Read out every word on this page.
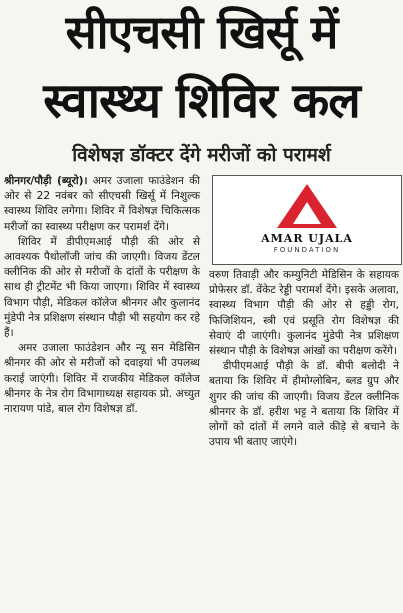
सीएचसी खिर्सू में
स्वास्थ्य शिविर कल
विशेषज्ञ डॉक्टर देंगे मरीजों को परामर्श

श्रीनगर/पौड़ी (ब्यूरो)। अमर उजाला फाउंडेशन की ओर से 22 नवंबर को सीएचसी खिर्सू में निशुल्क स्वास्थ्य शिविर लगेगा। शिविर में विशेषज्ञ चिकित्सक मरीजों का स्वास्थ्य परीक्षण कर परामर्श देंगे।

शिविर में डीपीएमआई पौड़ी की ओर से आवश्यक पैथोलॉजी जांच की जाएगी। विजय डेंटल क्लीनिक की ओर से मरीजों के दांतों के परीक्षण के साथ ही ट्रीटमेंट भी किया जाएगा। शिविर में स्वास्थ्य विभाग पौड़ी, मेडिकल कॉलेज श्रीनगर और कुलानंद मुंडेपी नेत्र प्रशिक्षण संस्थान पौड़ी भी सहयोग कर रहे हैं।

अमर उजाला फाउंडेशन और न्यू सन मेडिसिन श्रीनगर की ओर से मरीजों को दवाइयां भी उपलब्ध कराई जाएंगी। शिविर में राजकीय मेडिकल कॉलेज श्रीनगर के नेत्र रोग विभागाध्यक्ष सहायक प्रो. अच्युत नारायण पांडे, बाल रोग विशेषज्ञ डॉ.

AMAR UJALA
FOUNDATION

वरुण तिवाड़ी और कम्युनिटी मेडिसिन के सहायक प्रोफेसर डॉ. वेंकेट रेड्डी परामर्श देंगे। इसके अलावा, स्वास्थ्य विभाग पौड़ी की ओर से हड्डी रोग, फिजिशियन, स्त्री एवं प्रसूति रोग विशेषज्ञ की सेवाएं दी जाएंगी। कुलानंद मुंडेपी नेत्र प्रशिक्षण संस्थान पौड़ी के विशेषज्ञ आंखों का परीक्षण करेंगे।

डीपीएमआई पौड़ी के डॉ. बीपी बलोदी ने बताया कि शिविर में हीमोग्लोबिन, ब्लड ग्रुप और शुगर की जांच की जाएगी। विजय डेंटल क्लीनिक श्रीनगर के डॉ. हरीश भट्ट ने बताया कि शिविर में लोगों को दांतों में लगने वाले कीड़े से बचाने के उपाय भी बताए जाएंगे।
